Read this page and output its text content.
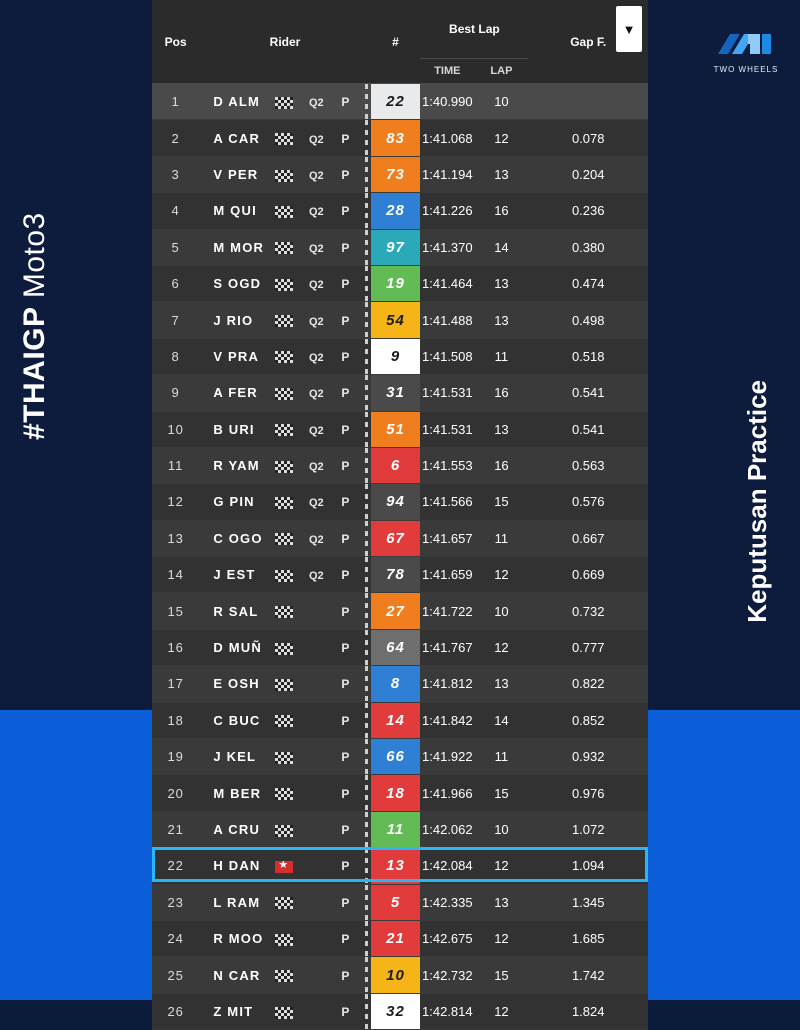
#THAIGP Moto3
Keputusan Practice
TWO WHEELS
Pos	Rider	#	Best Lap		Gap F.
▼

			TIME	LAP	
1	D ALM Q2 P	22	1:40.990	10	
2	A CAR Q2 P	83	1:41.068	12	0.078
3	V PER Q2 P	73	1:41.194	13	0.204
4	M QUI Q2 P	28	1:41.226	16	0.236
5	M MOR Q2 P	97	1:41.370	14	0.380
6	S OGD Q2 P	19	1:41.464	13	0.474
7	J RIO Q2 P	54	1:41.488	13	0.498
8	V PRA Q2 P	9	1:41.508	11	0.518
9	A FER Q2 P	31	1:41.531	16	0.541
10	B URI Q2 P	51	1:41.531	13	0.541
11	R YAM Q2 P	6	1:41.553	16	0.563
12	G PIN Q2 P	94	1:41.566	15	0.576
13	C OGO Q2 P	67	1:41.657	11	0.667
14	J EST Q2 P	78	1:41.659	12	0.669
15	R SAL P	27	1:41.722	10	0.732
16	D MUÑ P	64	1:41.767	12	0.777
17	E OSH P	8	1:41.812	13	0.822
18	C BUC P	14	1:41.842	14	0.852
19	J KEL P	66	1:41.922	11	0.932
20	M BER P	18	1:41.966	15	0.976
21	A CRU P	11	1:42.062	10	1.072
22	H DAN ★ P	13	1:42.084	12	1.094
23	L RAM P	5	1:42.335	13	1.345
24	R MOO P	21	1:42.675	12	1.685
25	N CAR P	10	1:42.732	15	1.742
26	Z MIT P	32	1:42.814	12	1.824
